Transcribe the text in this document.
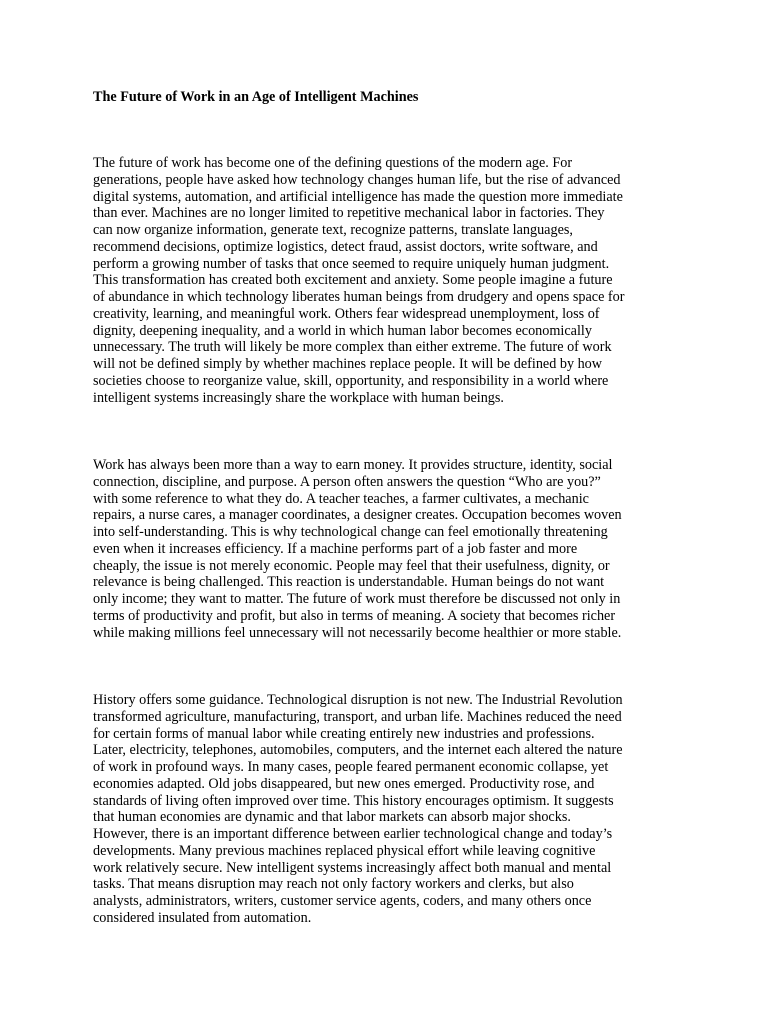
The Future of Work in an Age of Intelligent Machines

The future of work has become one of the defining questions of the modern age. For
generations, people have asked how technology changes human life, but the rise of advanced
digital systems, automation, and artificial intelligence has made the question more immediate
than ever. Machines are no longer limited to repetitive mechanical labor in factories. They
can now organize information, generate text, recognize patterns, translate languages,
recommend decisions, optimize logistics, detect fraud, assist doctors, write software, and
perform a growing number of tasks that once seemed to require uniquely human judgment.
This transformation has created both excitement and anxiety. Some people imagine a future
of abundance in which technology liberates human beings from drudgery and opens space for
creativity, learning, and meaningful work. Others fear widespread unemployment, loss of
dignity, deepening inequality, and a world in which human labor becomes economically
unnecessary. The truth will likely be more complex than either extreme. The future of work
will not be defined simply by whether machines replace people. It will be defined by how
societies choose to reorganize value, skill, opportunity, and responsibility in a world where
intelligent systems increasingly share the workplace with human beings.

Work has always been more than a way to earn money. It provides structure, identity, social
connection, discipline, and purpose. A person often answers the question “Who are you?”
with some reference to what they do. A teacher teaches, a farmer cultivates, a mechanic
repairs, a nurse cares, a manager coordinates, a designer creates. Occupation becomes woven
into self-understanding. This is why technological change can feel emotionally threatening
even when it increases efficiency. If a machine performs part of a job faster and more
cheaply, the issue is not merely economic. People may feel that their usefulness, dignity, or
relevance is being challenged. This reaction is understandable. Human beings do not want
only income; they want to matter. The future of work must therefore be discussed not only in
terms of productivity and profit, but also in terms of meaning. A society that becomes richer
while making millions feel unnecessary will not necessarily become healthier or more stable.

History offers some guidance. Technological disruption is not new. The Industrial Revolution
transformed agriculture, manufacturing, transport, and urban life. Machines reduced the need
for certain forms of manual labor while creating entirely new industries and professions.
Later, electricity, telephones, automobiles, computers, and the internet each altered the nature
of work in profound ways. In many cases, people feared permanent economic collapse, yet
economies adapted. Old jobs disappeared, but new ones emerged. Productivity rose, and
standards of living often improved over time. This history encourages optimism. It suggests
that human economies are dynamic and that labor markets can absorb major shocks.
However, there is an important difference between earlier technological change and today’s
developments. Many previous machines replaced physical effort while leaving cognitive
work relatively secure. New intelligent systems increasingly affect both manual and mental
tasks. That means disruption may reach not only factory workers and clerks, but also
analysts, administrators, writers, customer service agents, coders, and many others once
considered insulated from automation.
